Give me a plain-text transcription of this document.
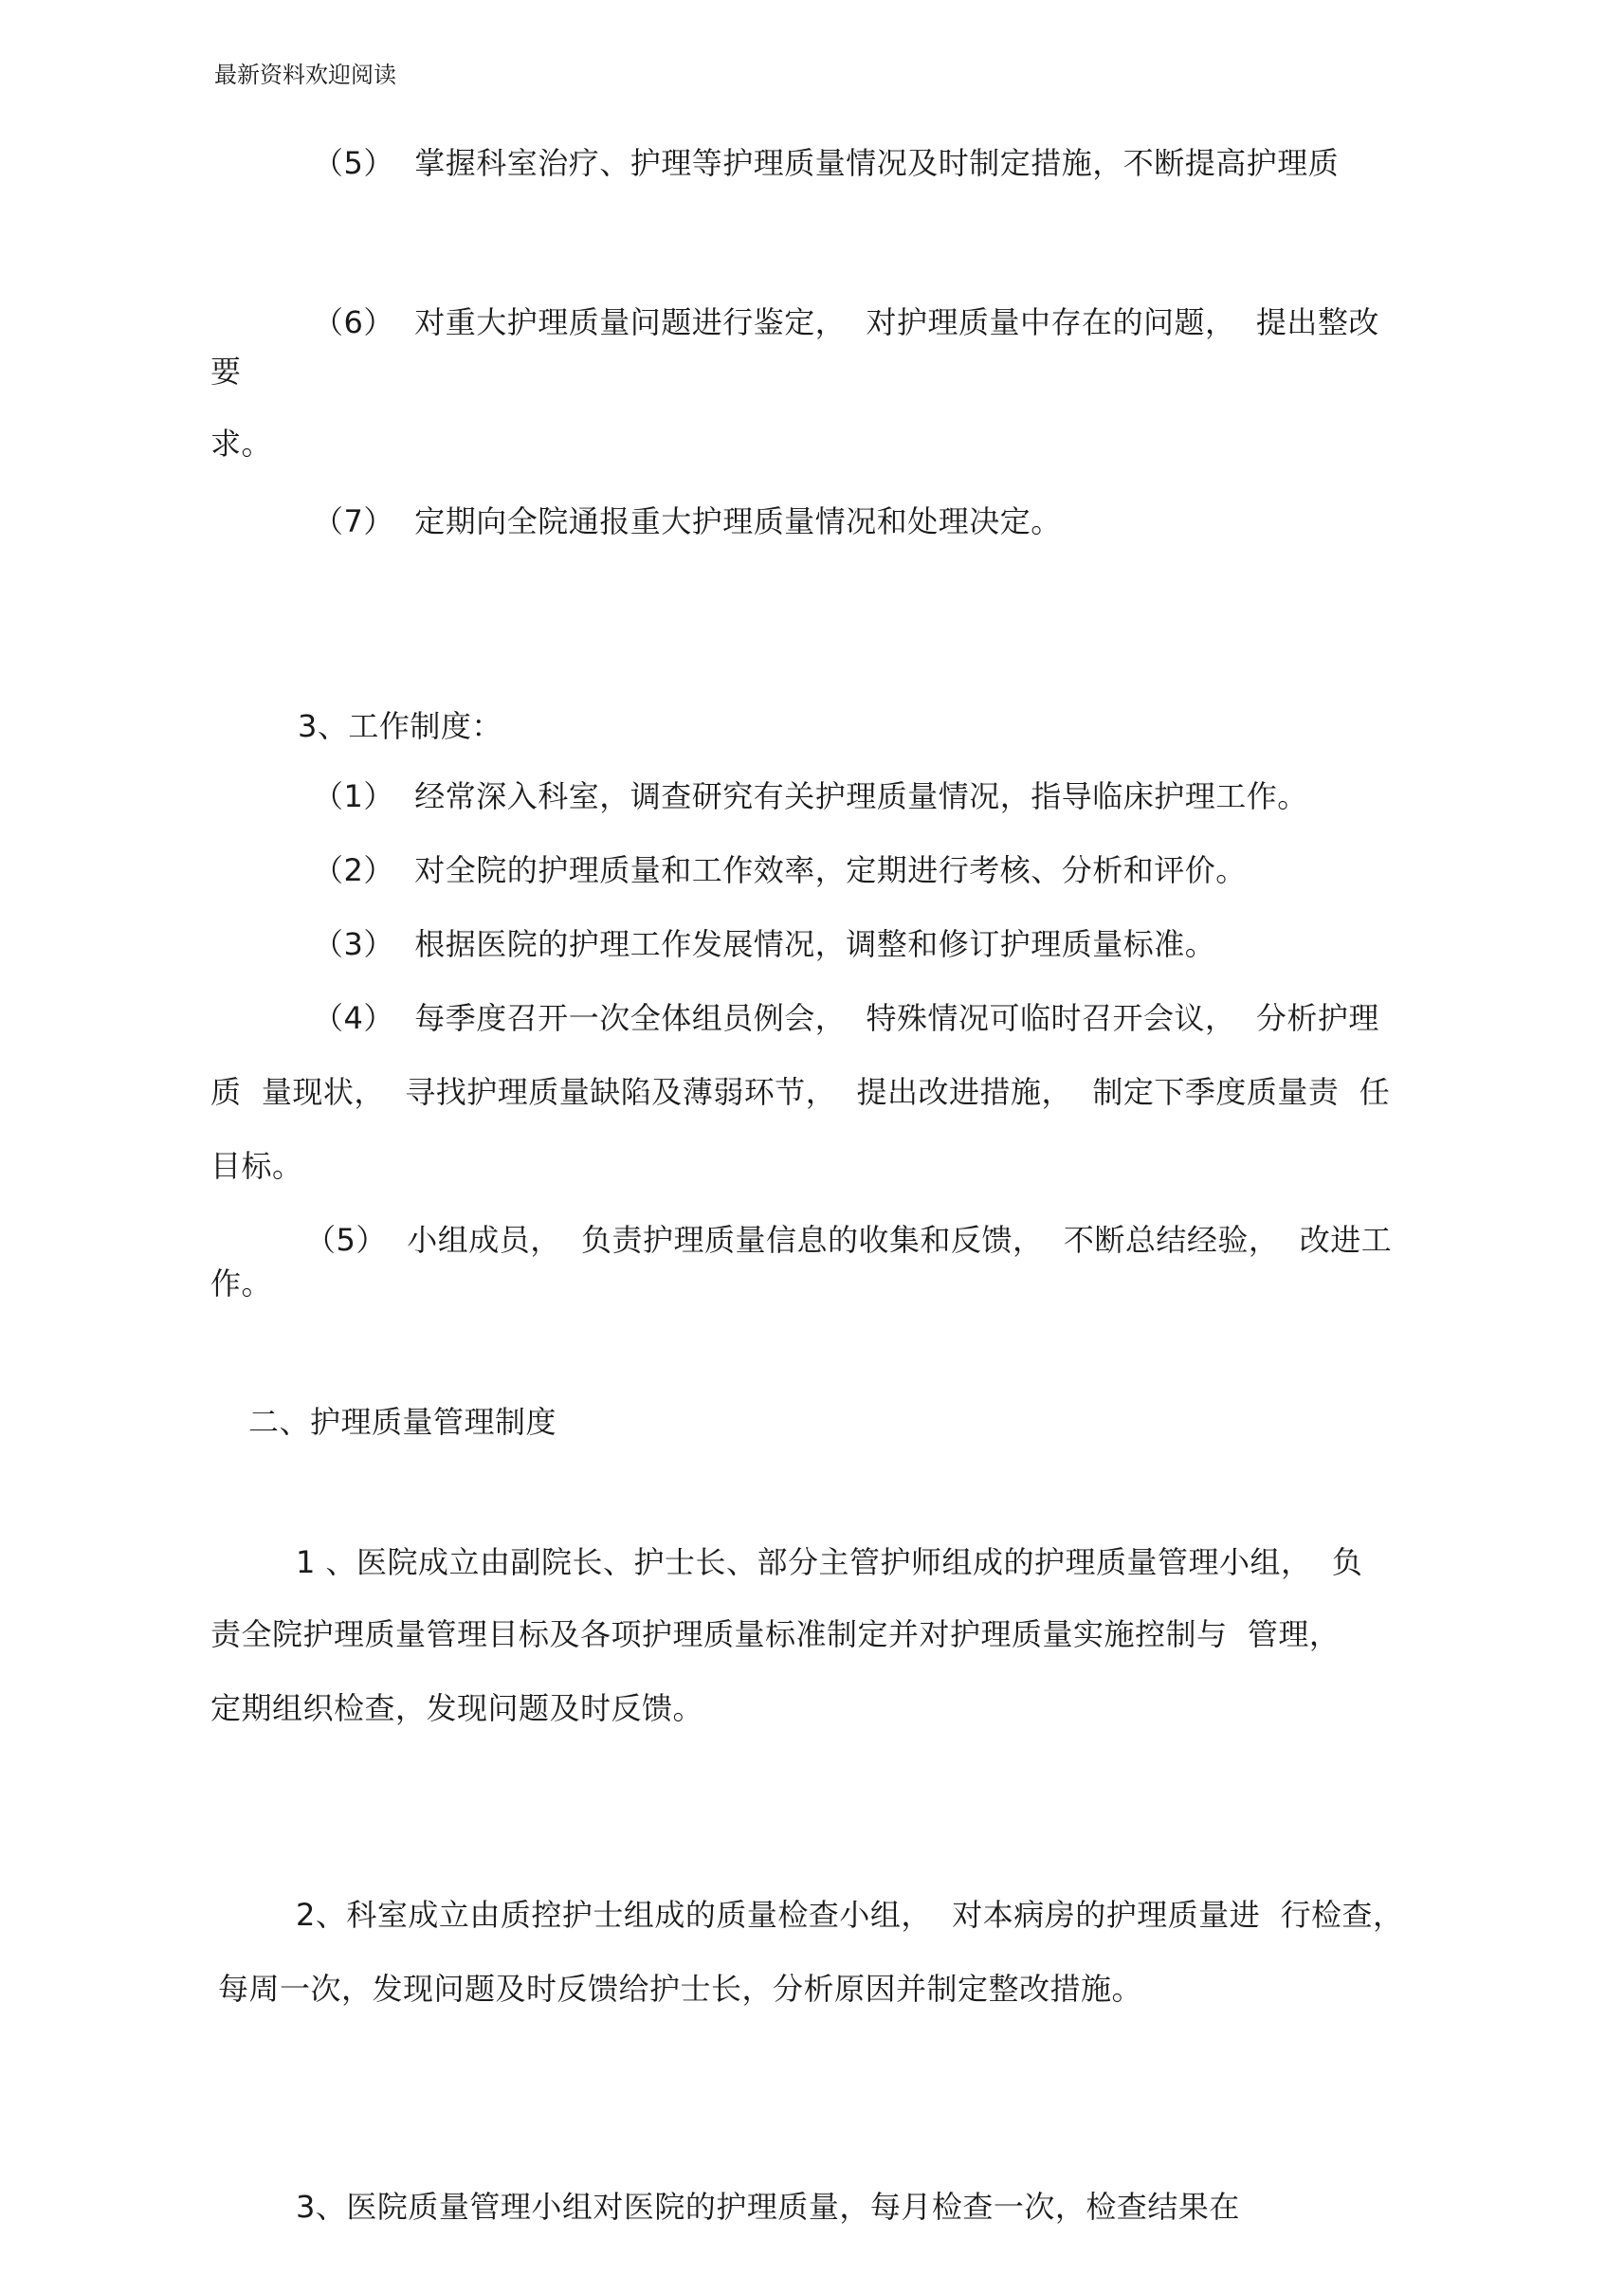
最新资料欢迎阅读
（5）  掌握科室治疗、护理等护理质量情况及时制定措施，不断提高护理质
（6）  对重大护理质量问题进行鉴定，  对护理质量中存在的问题，  提出整改
要
求。
（7）  定期向全院通报重大护理质量情况和处理决定。
3、工作制度：
（1）  经常深入科室，调查研究有关护理质量情况，指导临床护理工作。
（2）  对全院的护理质量和工作效率，定期进行考核、分析和评价。
（3）  根据医院的护理工作发展情况，调整和修订护理质量标准。
（4）  每季度召开一次全体组员例会，  特殊情况可临时召开会议，  分析护理
质  量现状，  寻找护理质量缺陷及薄弱环节，  提出改进措施，  制定下季度质量责  任
目标。
（5）  小组成员，  负责护理质量信息的收集和反馈，  不断总结经验，  改进工
作。
二、护理质量管理制度
1 、医院成立由副院长、护士长、部分主管护师组成的护理质量管理小组，  负
责全院护理质量管理目标及各项护理质量标准制定并对护理质量实施控制与  管理，
定期组织检查，发现问题及时反馈。
2、科室成立由质控护士组成的质量检查小组，  对本病房的护理质量进  行检查，
每周一次，发现问题及时反馈给护士长，分析原因并制定整改措施。
3、医院质量管理小组对医院的护理质量，每月检查一次，检查结果在
